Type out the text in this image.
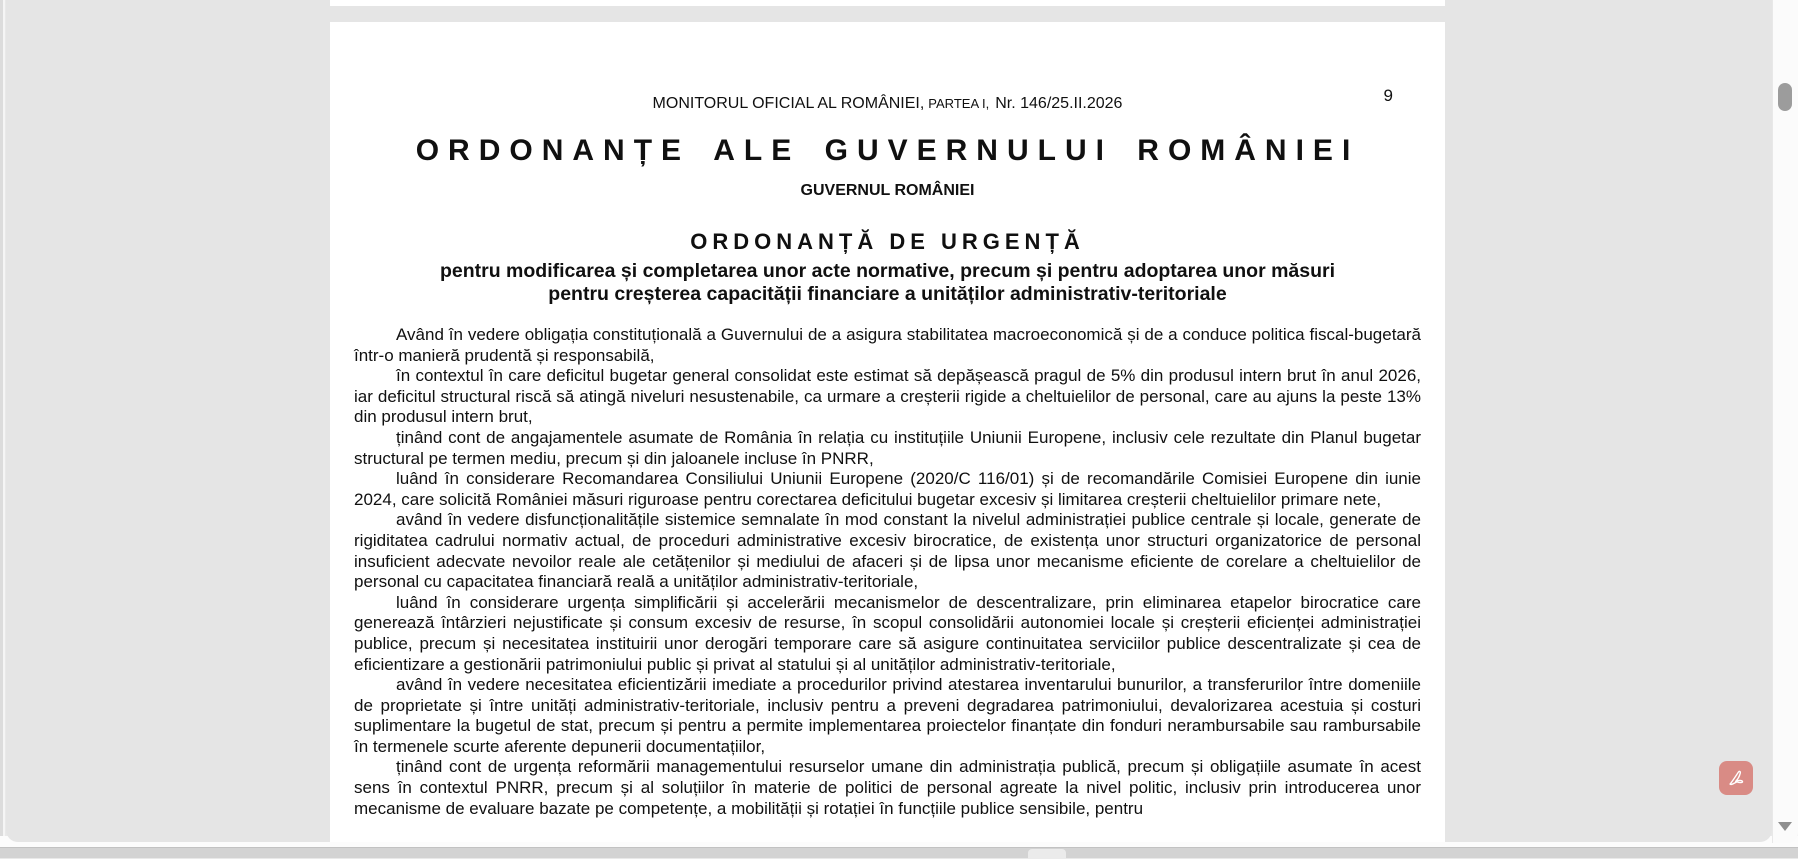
MONITORUL OFICIAL AL ROMÂNIEI, PARTEA I, Nr. 146/25.II.2026	9
ORDONANȚE ALE GUVERNULUI ROMÂNIEI
GUVERNUL ROMÂNIEI
ORDONANȚĂ DE URGENȚĂ
pentru modificarea și completarea unor acte normative, precum și pentru adoptarea unor măsuri
pentru creșterea capacității financiare a unităților administrativ-teritoriale

Având în vedere obligația constituțională a Guvernului de a asigura stabilitatea macroeconomică și de a conduce politica fiscal-bugetară într-o manieră prudentă și responsabilă,

în contextul în care deficitul bugetar general consolidat este estimat să depășească pragul de 5% din produsul intern brut în anul 2026, iar deficitul structural riscă să atingă niveluri nesustenabile, ca urmare a creșterii rigide a cheltuielilor de personal, care au ajuns la peste 13% din produsul intern brut,

ținând cont de angajamentele asumate de România în relația cu instituțiile Uniunii Europene, inclusiv cele rezultate din Planul bugetar structural pe termen mediu, precum și din jaloanele incluse în PNRR,

luând în considerare Recomandarea Consiliului Uniunii Europene (2020/C 116/01) și de recomandările Comisiei Europene din iunie 2024, care solicită României măsuri riguroase pentru corectarea deficitului bugetar excesiv și limitarea creșterii cheltuielilor primare nete,

având în vedere disfuncționalitățile sistemice semnalate în mod constant la nivelul administrației publice centrale și locale, generate de rigiditatea cadrului normativ actual, de proceduri administrative excesiv birocratice, de existența unor structuri organizatorice de personal insuficient adecvate nevoilor reale ale cetățenilor și mediului de afaceri și de lipsa unor mecanisme eficiente de corelare a cheltuielilor de personal cu capacitatea financiară reală a unităților administrativ-teritoriale,

luând în considerare urgența simplificării și accelerării mecanismelor de descentralizare, prin eliminarea etapelor birocratice care generează întârzieri nejustificate și consum excesiv de resurse, în scopul consolidării autonomiei locale și creșterii eficienței administrației publice, precum și necesitatea instituirii unor derogări temporare care să asigure continuitatea serviciilor publice descentralizate și cea de eficientizare a gestionării patrimoniului public și privat al statului și al unităților administrativ-teritoriale,

având în vedere necesitatea eficientizării imediate a procedurilor privind atestarea inventarului bunurilor, a transferurilor între domeniile de proprietate și între unități administrativ-teritoriale, inclusiv pentru a preveni degradarea patrimoniului, devalorizarea acestuia și costuri suplimentare la bugetul de stat, precum și pentru a permite implementarea proiectelor finanțate din fonduri nerambursabile sau rambursabile în termenele scurte aferente depunerii documentațiilor,

ținând cont de urgența reformării managementului resurselor umane din administrația publică, precum și obligațiile asumate în acest sens în contextul PNRR, precum și al soluțiilor în materie de politici de personal agreate la nivel politic, inclusiv prin introducerea unor mecanisme de evaluare bazate pe competențe, a mobilității și rotației în funcțiile publice sensibile, pentru
